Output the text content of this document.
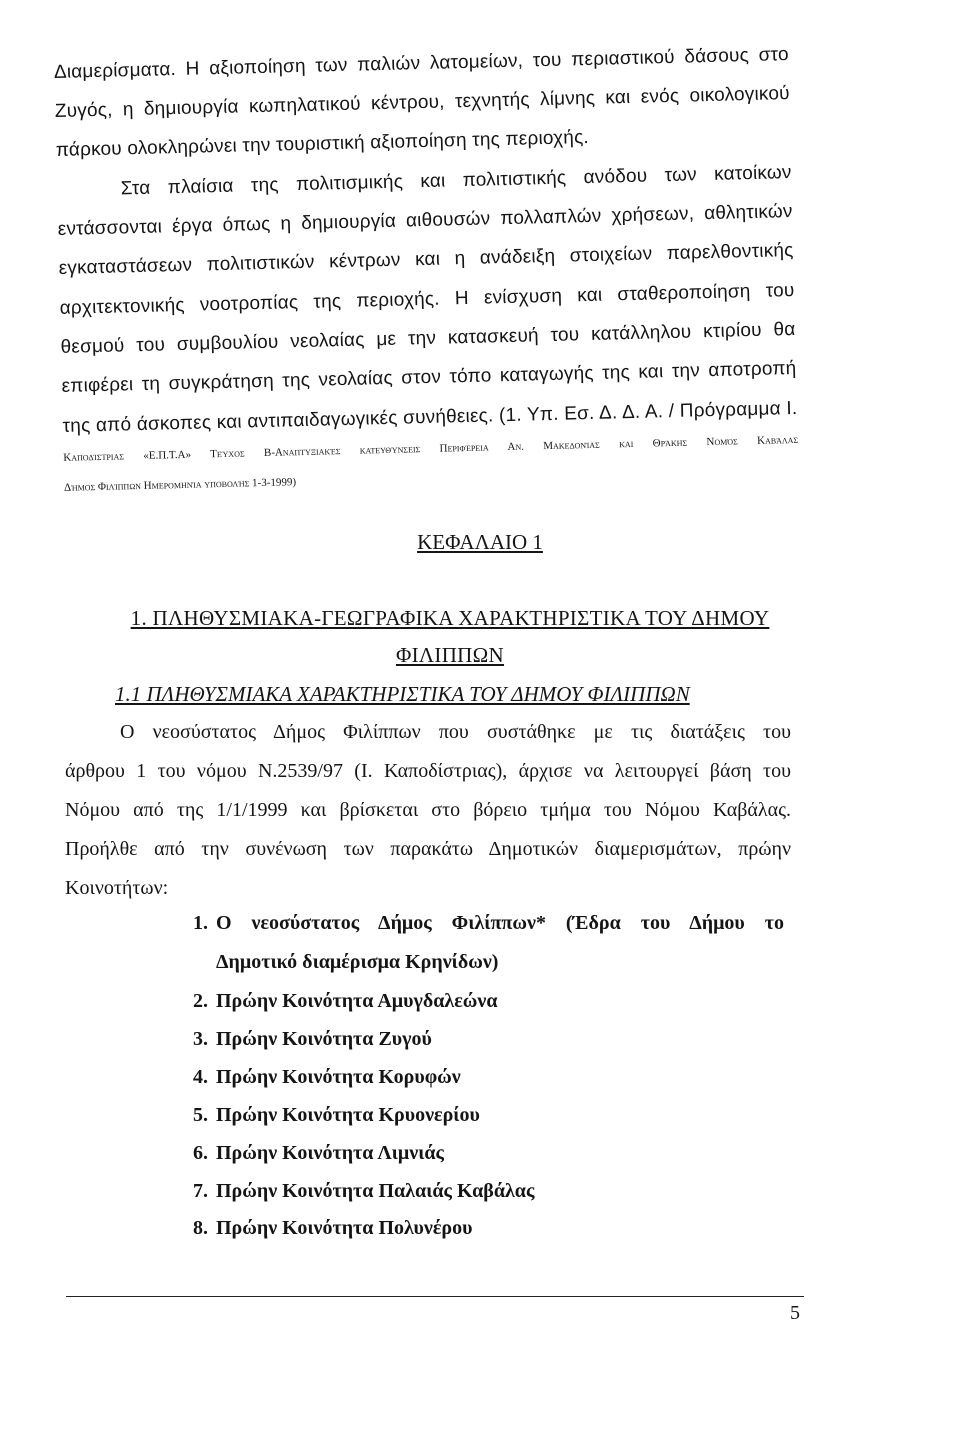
Διαμερίσματα. Η αξιοποίηση των παλιών λατομείων, του περιαστικού δάσους στο
Ζυγός, η δημιουργία κωπηλατικού κέντρου, τεχνητής λίμνης και ενός οικολογικού
πάρκου ολοκληρώνει την τουριστική αξιοποίηση της περιοχής.
Στα πλαίσια της πολιτισμικής και πολιτιστικής ανόδου των κατοίκων
εντάσσονται έργα όπως η δημιουργία αιθουσών πολλαπλών χρήσεων, αθλητικών
εγκαταστάσεων πολιτιστικών κέντρων και η ανάδειξη στοιχείων παρελθοντικής
αρχιτεκτονικής νοοτροπίας της περιοχής. Η ενίσχυση και σταθεροποίηση του
θεσμού του συμβουλίου νεολαίας με την κατασκευή του κατάλληλου κτιρίου θα
επιφέρει τη συγκράτηση της νεολαίας στον τόπο καταγωγής της και την αποτροπή
της από άσκοπες και αντιπαιδαγωγικές συνήθειες. (1. Υπ. Εσ. Δ. Δ. Α. / Πρόγραμμα Ι.
Καποδίστριας «Ε.Π.Τ.Α» Τεύχος Β-Αναπτυξιακές κατευθύνσεις Περιφέρεια Αν. Μακεδονίας και Θράκης Νομός Καβάλας
Δήμος Φιλίππων Ημερομηνία υποβολής 1-3-1999)
ΚΕΦΑΛΑΙΟ 1
1. ΠΛΗΘΥΣΜΙΑΚΑ-ΓΕΩΓΡΑΦΙΚΑ ΧΑΡΑΚΤΗΡΙΣΤΙΚΑ ΤΟΥ ΔΗΜΟΥ
ΦΙΛΙΠΠΩΝ
1.1 ΠΛΗΘΥΣΜΙΑΚΑ ΧΑΡΑΚΤΗΡΙΣΤΙΚΑ ΤΟΥ ΔΗΜΟΥ ΦΙΛΙΠΠΩΝ
Ο νεοσύστατος Δήμος Φιλίππων που συστάθηκε με τις διατάξεις του
άρθρου 1 του νόμου Ν.2539/97 (Ι. Καποδίστριας), άρχισε να λειτουργεί βάση του
Νόμου από της 1/1/1999 και βρίσκεται στο βόρειο τμήμα του Νόμου Καβάλας.
Προήλθε από την συνένωση των παρακάτω Δημοτικών διαμερισμάτων, πρώην
Κοινοτήτων:
1. Ο νεοσύστατος Δήμος Φιλίππων* (Έδρα του Δήμου το
Δημοτικό διαμέρισμα Κρηνίδων)
2. Πρώην Κοινότητα Αμυγδαλεώνα
3. Πρώην Κοινότητα Ζυγού
4. Πρώην Κοινότητα Κορυφών
5. Πρώην Κοινότητα Κρυονερίου
6. Πρώην Κοινότητα Λιμνιάς
7. Πρώην Κοινότητα Παλαιάς Καβάλας
8. Πρώην Κοινότητα Πολυνέρου
5
